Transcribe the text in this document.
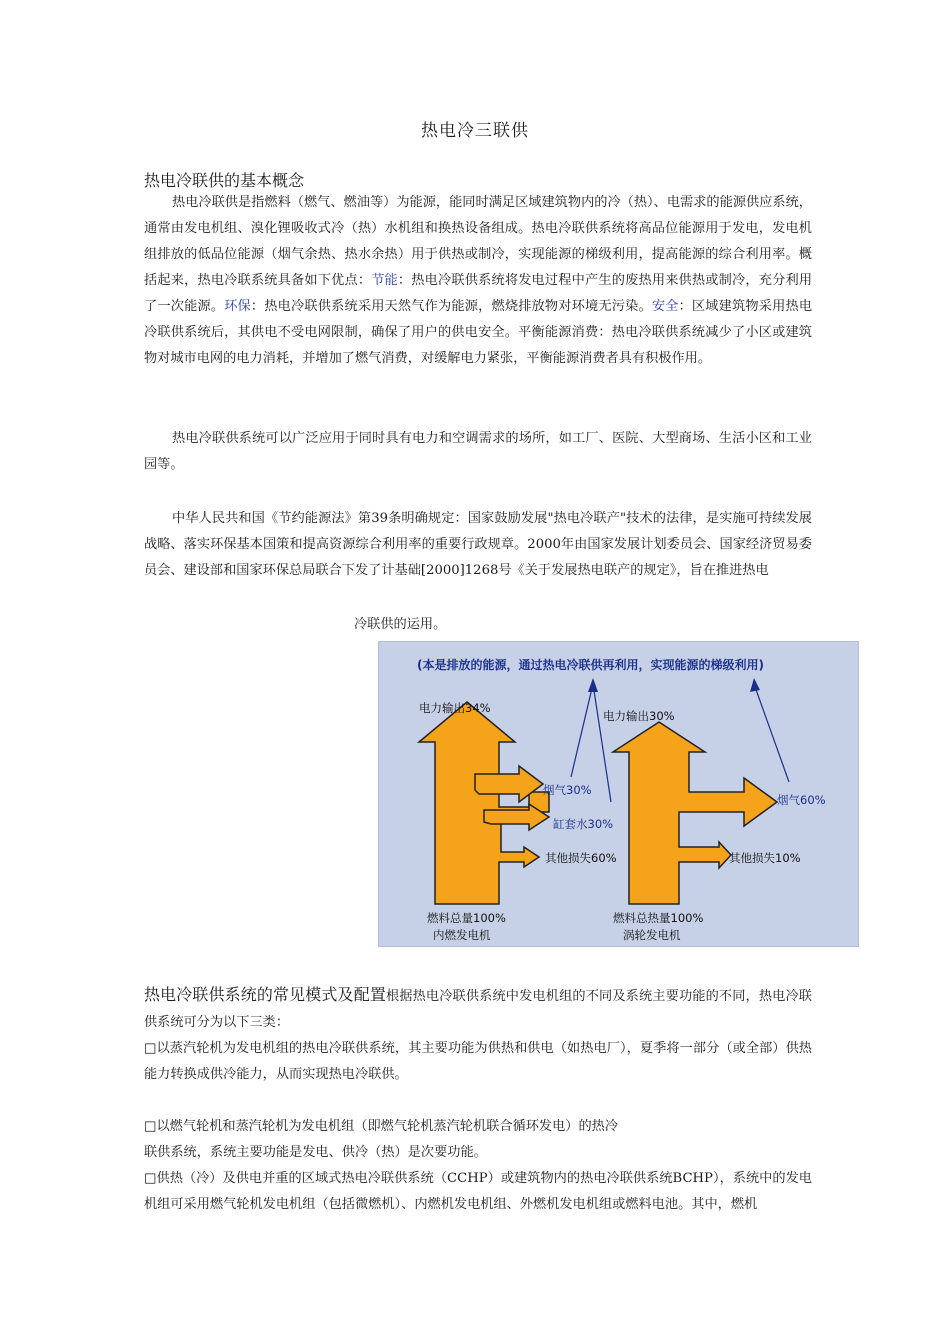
热电冷三联供
热电冷联供的基本概念
热电冷联供是指燃料（燃气、燃油等）为能源，能同时满足区域建筑物内的冷（热）、电需求的能源供应系统，通常由发电机组、溴化锂吸收式冷（热）水机组和换热设备组成。热电冷联供系统将高品位能源用于发电，发电机组排放的低品位能源（烟气余热、热水余热）用于供热或制冷，实现能源的梯级利用，提高能源的综合利用率。概括起来，热电冷联系统具备如下优点：节能：热电冷联供系统将发电过程中产生的废热用来供热或制冷，充分利用了一次能源。环保：热电冷联供系统采用天然气作为能源，燃烧排放物对环境无污染。安全：区域建筑物采用热电冷联供系统后，其供电不受电网限制，确保了用户的供电安全。平衡能源消费：热电冷联供系统减少了小区或建筑物对城市电网的电力消耗，并增加了燃气消费，对缓解电力紧张，平衡能源消费者具有积极作用。
热电冷联供系统可以广泛应用于同时具有电力和空调需求的场所，如工厂、医院、大型商场、生活小区和工业园等。
中华人民共和国《节约能源法》第39条明确规定：国家鼓励发展"热电冷联产"技术的法律，是实施可持续发展战略、落实环保基本国策和提高资源综合利用率的重要行政规章。2000年由国家发展计划委员会、国家经济贸易委员会、建设部和国家环保总局联合下发了计基础[2000]1268号《关于发展热电联产的规定》，旨在推进热电
冷联供的运用。
(本是排放的能源，通过热电冷联供再利用，实现能源的梯级利用)
电力输出34%
烟气30%
缸套水30%
其他损失60%
燃料总量100%
内燃发电机
电力输出30%
烟气60%
其他损失10%
燃料总热量100%
涡轮发电机
热电冷联供系统的常见模式及配置根据热电冷联供系统中发电机组的不同及系统主要功能的不同，热电冷联供系统可分为以下三类：
□以蒸汽轮机为发电机组的热电冷联供系统，其主要功能为供热和供电（如热电厂），夏季将一部分（或全部）供热能力转换成供冷能力，从而实现热电冷联供。
□以燃气轮机和蒸汽轮机为发电机组（即燃气轮机蒸汽轮机联合循环发电）的热冷
联供系统，系统主要功能是发电、供冷（热）是次要功能。
□供热（冷）及供电并重的区域式热电冷联供系统（CCHP）或建筑物内的热电冷联供系统BCHP），系统中的发电机组可采用燃气轮机发电机组（包括微燃机）、内燃机发电机组、外燃机发电机组或燃料电池。其中，燃机
